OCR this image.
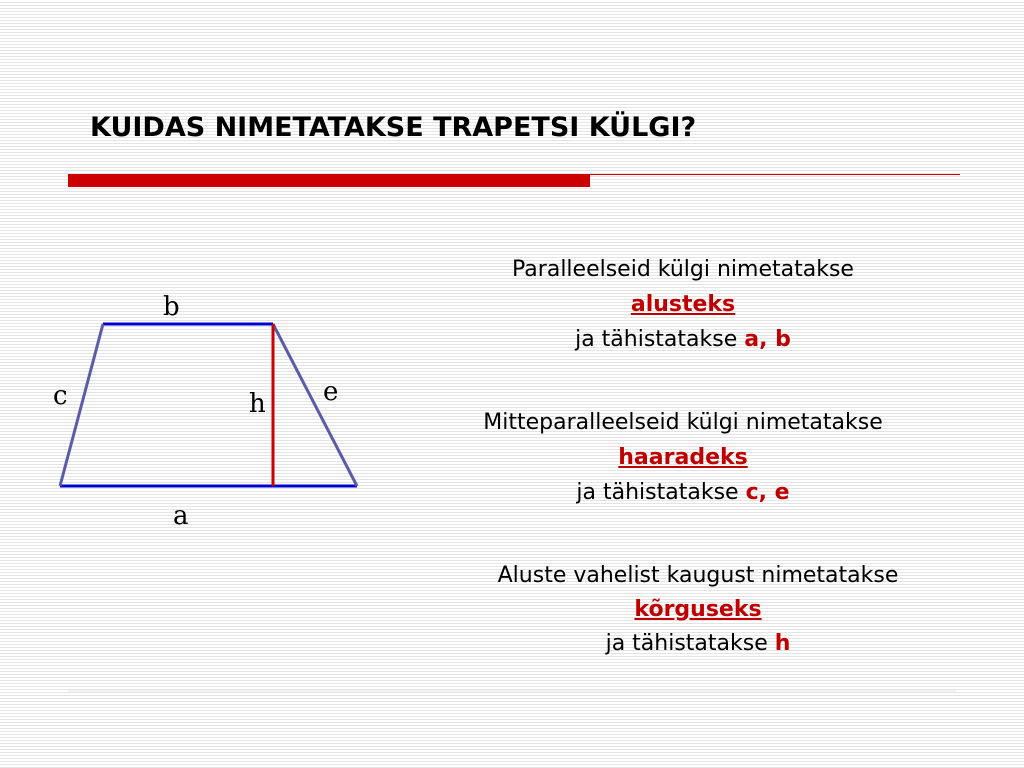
KUIDAS NIMETATAKSE TRAPETSI KÜLGI?
b
a
c	e
h
Paralleelseid külgi nimetatakse
alusteks
ja tähistatakse a, b
Mitteparalleelseid külgi nimetatakse
haaradeks
ja tähistatakse c, e
Aluste vahelist kaugust nimetatakse
kõrguseks
ja tähistatakse h
